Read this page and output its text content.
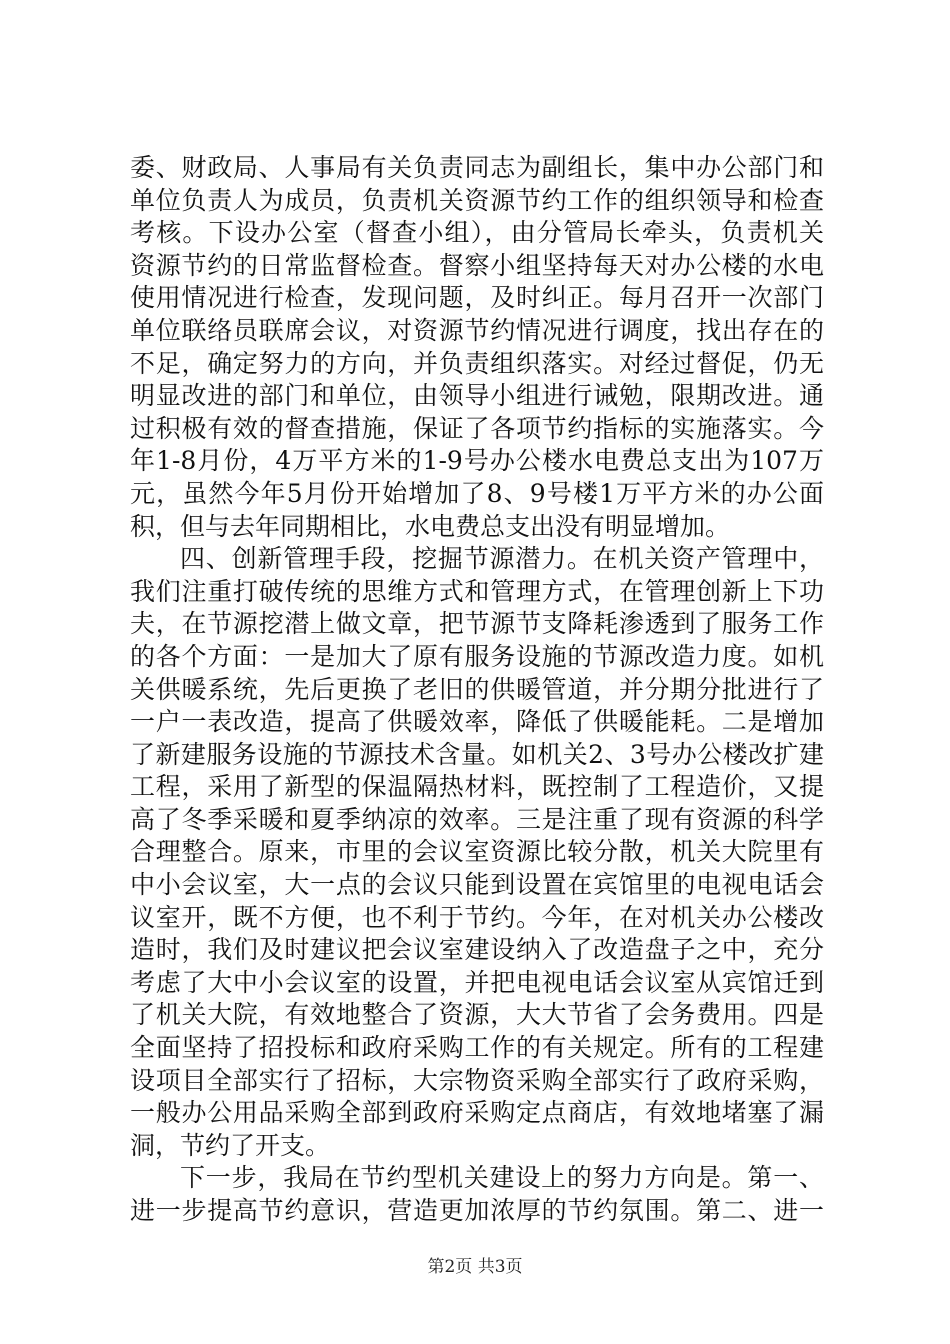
委、财政局、人事局有关负责同志为副组长，集中办公部门和
单位负责人为成员，负责机关资源节约工作的组织领导和检查
考核。下设办公室（督查小组），由分管局长牵头，负责机关
资源节约的日常监督检查。督察小组坚持每天对办公楼的水电
使用情况进行检查，发现问题，及时纠正。每月召开一次部门
单位联络员联席会议，对资源节约情况进行调度，找出存在的
不足，确定努力的方向，并负责组织落实。对经过督促，仍无
明显改进的部门和单位，由领导小组进行诫勉，限期改进。通
过积极有效的督查措施，保证了各项节约指标的实施落实。今
年1-8月份，4万平方米的1-9号办公楼水电费总支出为107万
元，虽然今年5月份开始增加了8、9号楼1万平方米的办公面
积，但与去年同期相比，水电费总支出没有明显增加。
四、创新管理手段，挖掘节源潜力。在机关资产管理中，
我们注重打破传统的思维方式和管理方式，在管理创新上下功
夫，在节源挖潜上做文章，把节源节支降耗渗透到了服务工作
的各个方面：一是加大了原有服务设施的节源改造力度。如机
关供暖系统，先后更换了老旧的供暖管道，并分期分批进行了
一户一表改造，提高了供暖效率，降低了供暖能耗。二是增加
了新建服务设施的节源技术含量。如机关2、3号办公楼改扩建
工程，采用了新型的保温隔热材料，既控制了工程造价，又提
高了冬季采暖和夏季纳凉的效率。三是注重了现有资源的科学
合理整合。原来，市里的会议室资源比较分散，机关大院里有
中小会议室，大一点的会议只能到设置在宾馆里的电视电话会
议室开，既不方便，也不利于节约。今年，在对机关办公楼改
造时，我们及时建议把会议室建设纳入了改造盘子之中，充分
考虑了大中小会议室的设置，并把电视电话会议室从宾馆迁到
了机关大院，有效地整合了资源，大大节省了会务费用。四是
全面坚持了招投标和政府采购工作的有关规定。所有的工程建
设项目全部实行了招标，大宗物资采购全部实行了政府采购，
一般办公用品采购全部到政府采购定点商店，有效地堵塞了漏
洞，节约了开支。
下一步，我局在节约型机关建设上的努力方向是。第一、
进一步提高节约意识，营造更加浓厚的节约氛围。第二、进一
第2页 共3页
